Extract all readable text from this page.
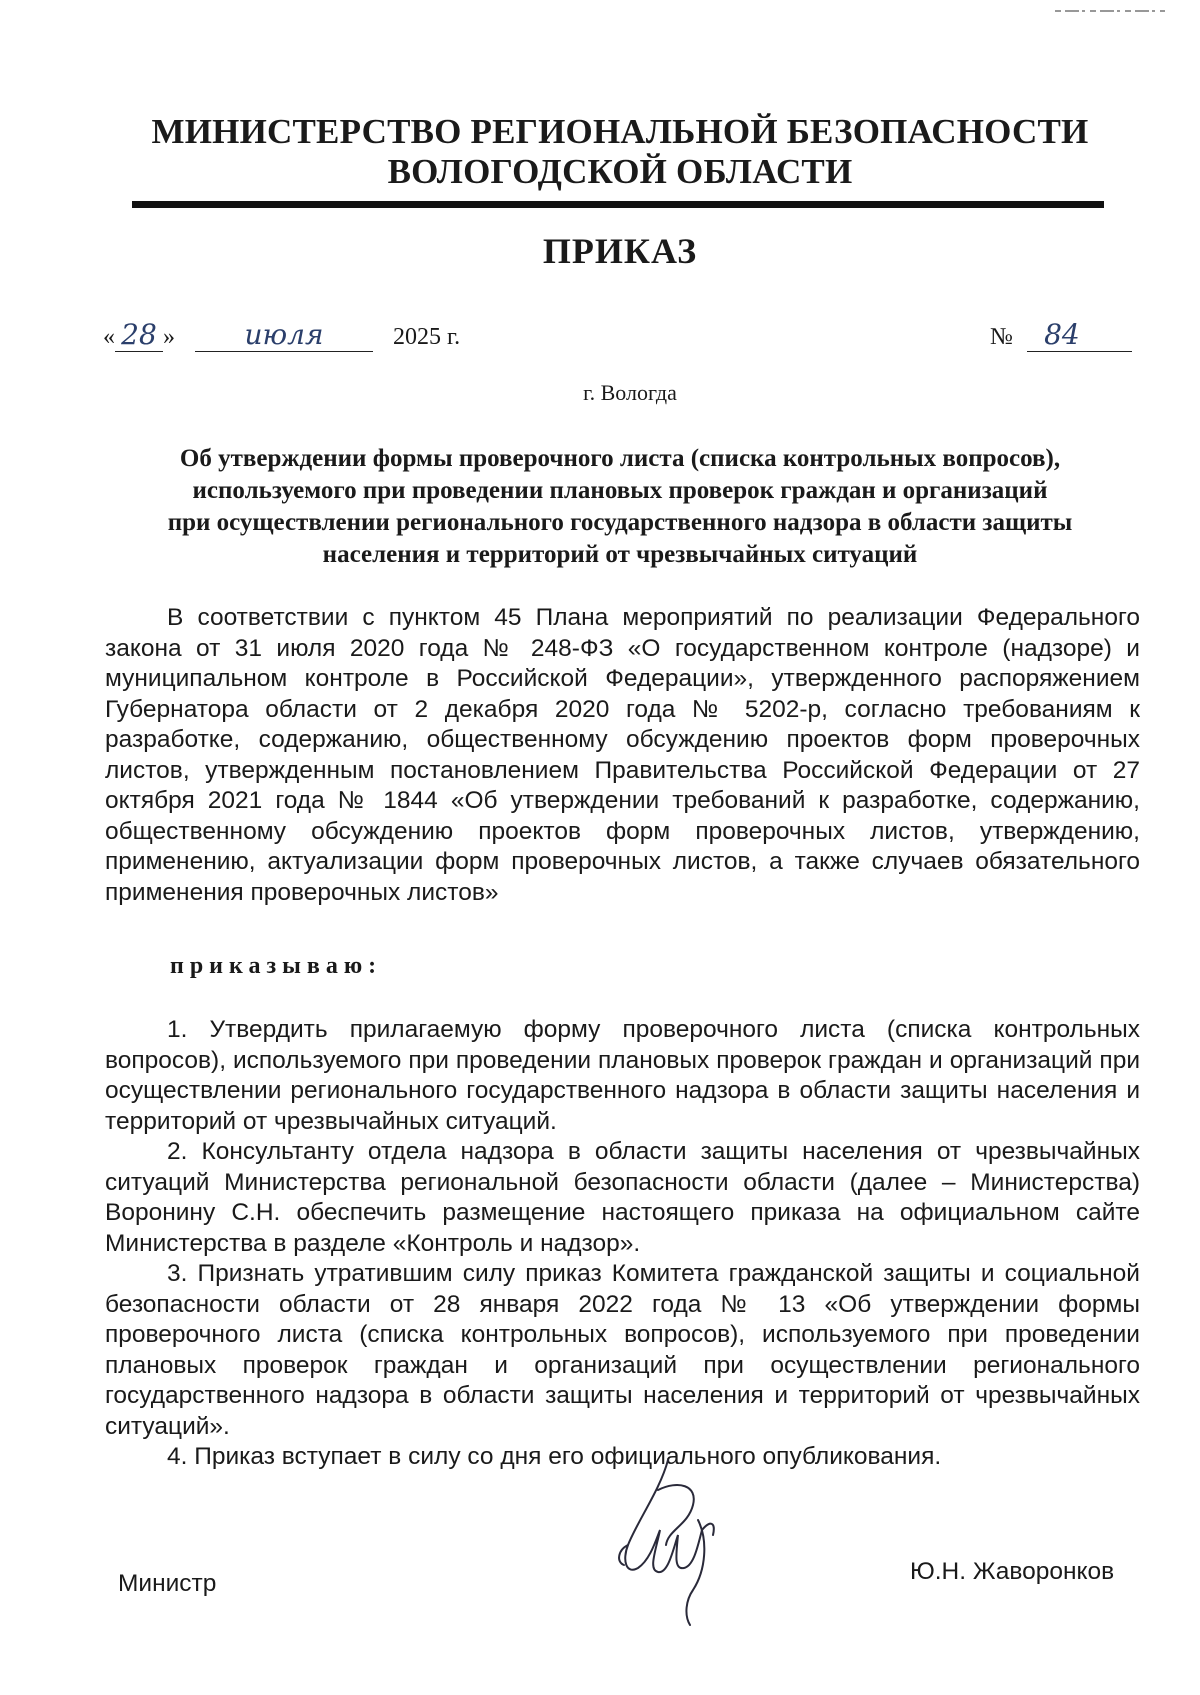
МИНИСТЕРСТВО РЕГИОНАЛЬНОЙ БЕЗОПАСНОСТИ
ВОЛОГОДСКОЙ ОБЛАСТИ
ПРИКАЗ
« 28 » июля	2025 г.	№ 84
г. Вологда
Об утверждении формы проверочного листа (списка контрольных вопросов),
используемого при проведении плановых проверок граждан и организаций
при осуществлении регионального государственного надзора в области защиты
населения и территорий от чрезвычайных ситуаций

В соответствии с пунктом 45 Плана мероприятий по реализации Федерального закона от 31 июля 2020 года № 248-ФЗ «О государственном контроле (надзоре) и муниципальном контроле в Российской Федерации», утвержденного распоряжением Губернатора области от 2 декабря 2020 года № 5202-р, согласно требованиям к разработке, содержанию, общественному обсуждению проектов форм проверочных листов, утвержденным постановлением Правительства Российской Федерации от 27 октября 2021 года № 1844 «Об утверждении требований к разработке, содержанию, общественному обсуждению проектов форм проверочных листов, утверждению, применению, актуализации форм проверочных листов, а также случаев обязательного применения проверочных листов»

приказываю:

1. Утвердить прилагаемую форму проверочного листа (списка контрольных вопросов), используемого при проведении плановых проверок граждан и организаций при осуществлении регионального государственного надзора в области защиты населения и территорий от чрезвычайных ситуаций.

2. Консультанту отдела надзора в области защиты населения от чрезвычайных ситуаций Министерства региональной безопасности области (далее – Министерства) Воронину С.Н. обеспечить размещение настоящего приказа на официальном сайте Министерства в разделе «Контроль и надзор».

3. Признать утратившим силу приказ Комитета гражданской защиты и социальной безопасности области от 28 января 2022 года № 13 «Об утверждении формы проверочного листа (списка контрольных вопросов), используемого при проведении плановых проверок граждан и организаций при осуществлении регионального государственного надзора в области защиты населения и территорий от чрезвычайных ситуаций».

4. Приказ вступает в силу со дня его официального опубликования.

Министр	Ю.Н. Жаворонков
